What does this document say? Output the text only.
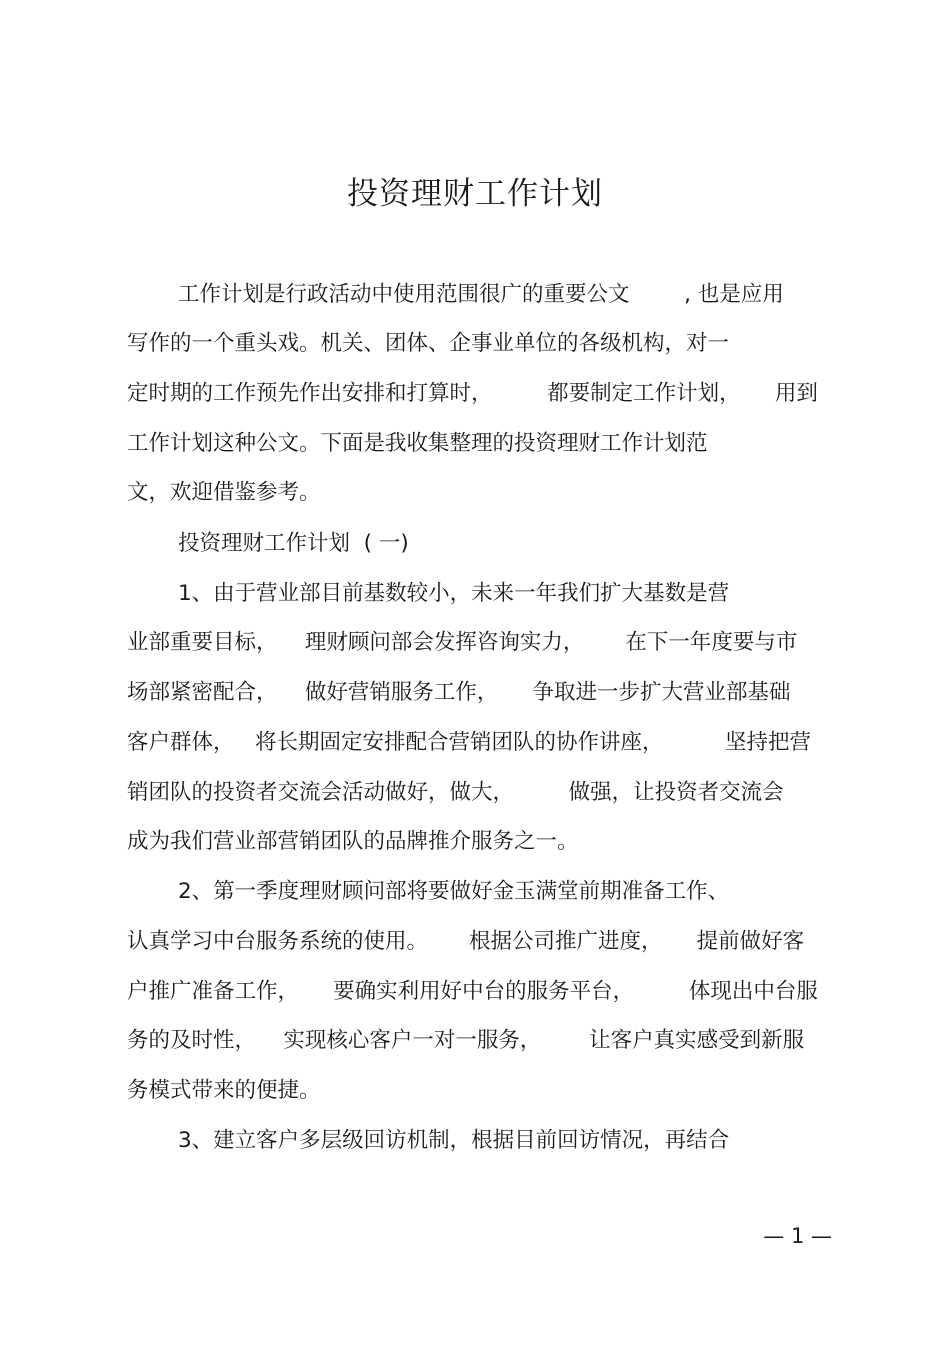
投资理财工作计划

工作计划是行政活动中使用范围很广的重要公文        , 也是应用

写作的一个重头戏。机关、团体、企事业单位的各级机构，对一

定时期的工作预先作出安排和打算时，        都要制定工作计划，     用到

工作计划这种公文。下面是我收集整理的投资理财工作计划范

文，欢迎借鉴参考。

投资理财工作计划  ( 一)

1、由于营业部目前基数较小，未来一年我们扩大基数是营

业部重要目标，    理财顾问部会发挥咨询实力，      在下一年度要与市

场部紧密配合，    做好营销服务工作，     争取进一步扩大营业部基础

客户群体，   将长期固定安排配合营销团队的协作讲座，         坚持把营

销团队的投资者交流会活动做好，做大，        做强，让投资者交流会

成为我们营业部营销团队的品牌推介服务之一。

2、第一季度理财顾问部将要做好金玉满堂前期准备工作、

认真学习中台服务系统的使用。      根据公司推广进度，     提前做好客

户推广准备工作，     要确实利用好中台的服务平台，        体现出中台服

务的及时性，    实现核心客户一对一服务，       让客户真实感受到新服

务模式带来的便捷。

3、建立客户多层级回访机制，根据目前回访情况，再结合

— 1 —
